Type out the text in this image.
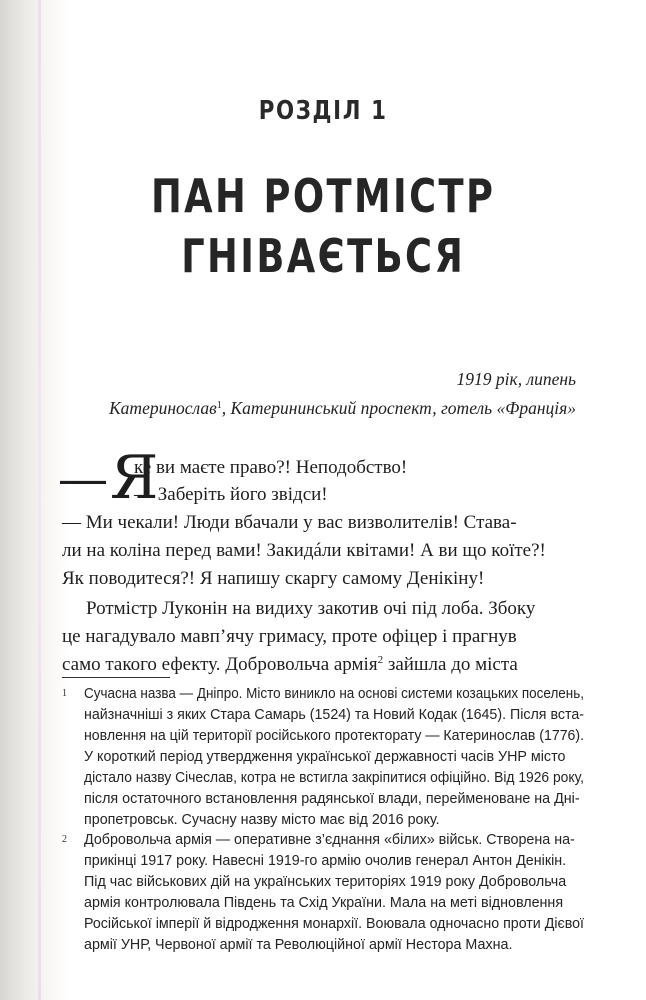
РОЗДІЛ 1
ПАН РОТМІСТР
ГНІВАЄТЬСЯ
1919 рік, липень
Катеринослав$^1$, Катерининський проспект, готель «Франція»
—Я
ке ви маєте право?! Неподобство!
— Заберіть його звідси!
— Ми чекали! Люди вбачали у вас визволителів! Става-
ли на коліна перед вами! Закидáли квітами! А ви що коїте?!
Як поводитеся?! Я напишу скаргу самому Денікіну!
Ротмістр Луконін на видиху закотив очі під лоба. Збоку
це нагадувало мавп’ячу гримасу, проте офіцер і прагнув
само такого ефекту. Добровольча армія$^2$ зайшла до міста
1 Сучасна назва — Дніпро. Місто виникло на основі системи козацьких поселень,
найзначніші з яких Стара Самарь (1524) та Новий Кодак (1645). Після вста-
новлення на цій території російського протекторату — Катеринослав (1776).
У короткий період утвердження української державності часів УНР місто
дістало назву Січеслав, котра не встигла закріпитися офіційно. Від 1926 року,
після остаточного встановлення радянської влади, перейменоване на Дні-
пропетровськ. Сучасну назву місто має від 2016 року.
2 Добровольча армія — оперативне з’єднання «білих» військ. Створена на-
прикінці 1917 року. Навесні 1919-го армію очолив генерал Антон Денікін.
Під час військових дій на українських територіях 1919 року Добровольча
армія контролювала Південь та Схід України. Мала на меті відновлення
Російської імперії й відродження монархії. Воювала одночасно проти Дієвої
армії УНР, Червоної армії та Революційної армії Нестора Махна.
